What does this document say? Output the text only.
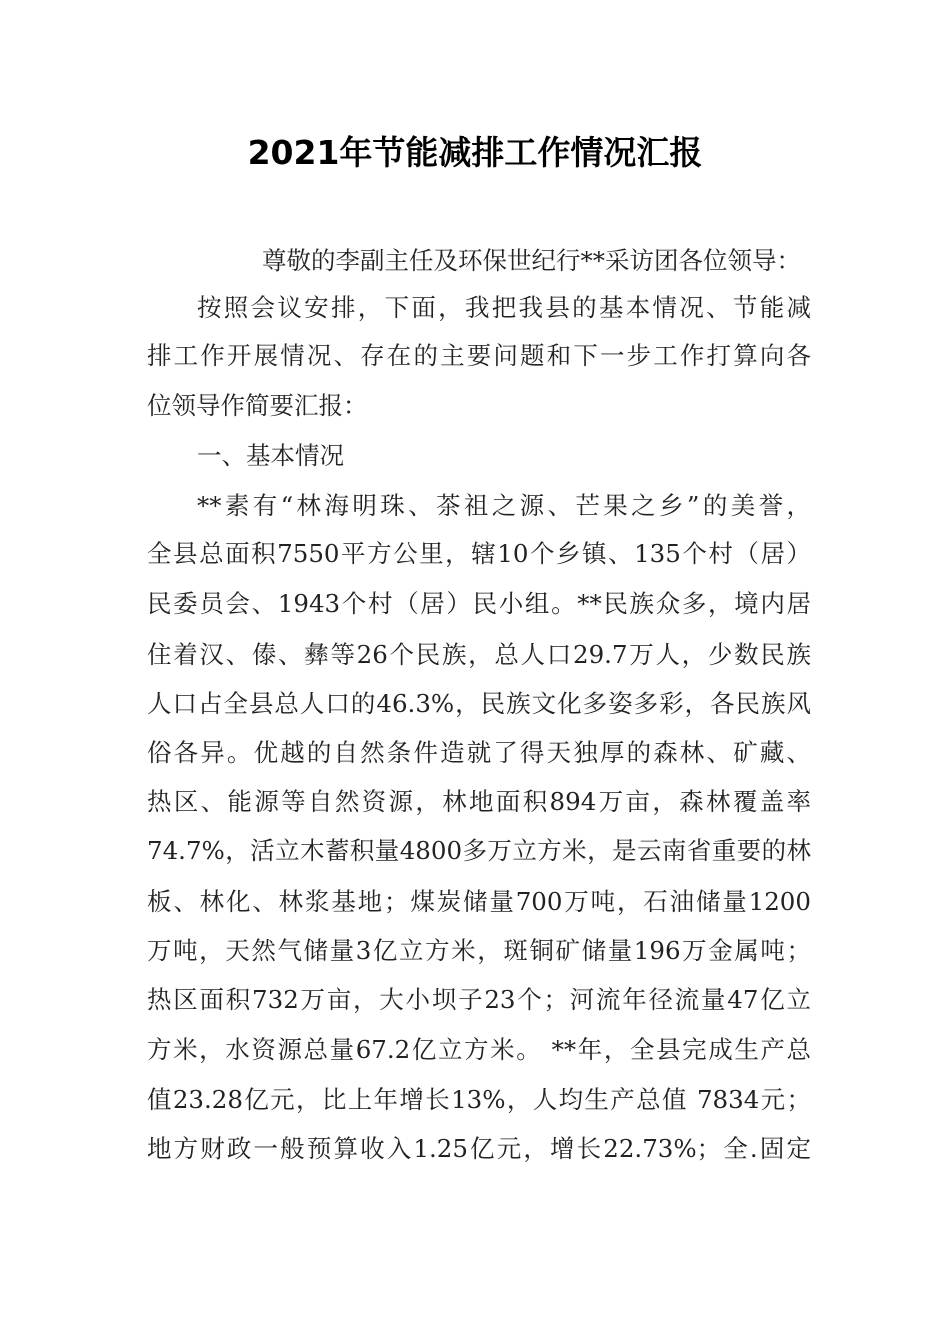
2021年节能减排工作情况汇报

尊敬的李副主任及环保世纪行**采访团各位领导：

按照会议安排，下面，我把我县的基本情况、节能减

排工作开展情况、存在的主要问题和下一步工作打算向各

位领导作简要汇报：

一、基本情况

**素有“林海明珠、茶祖之源、芒果之乡”的美誉，

全县总面积7550平方公里，辖10个乡镇、135个村（居）

民委员会、1943个村（居）民小组。**民族众多，境内居

住着汉、傣、彝等26个民族，总人口29.7万人，少数民族

人口占全县总人口的46.3%，民族文化多姿多彩，各民族风

俗各异。优越的自然条件造就了得天独厚的森林、矿藏、

热区、能源等自然资源，林地面积894万亩，森林覆盖率

74.7%，活立木蓄积量4800多万立方米，是云南省重要的林

板、林化、林浆基地；煤炭储量700万吨，石油储量1200

万吨，天然气储量3亿立方米，斑铜矿储量196万金属吨；

热区面积732万亩，大小坝子23个；河流年径流量47亿立

方米，水资源总量67.2亿立方米。 **年，全县完成生产总

值23.28亿元，比上年增长13%，人均生产总值 7834元；

地方财政一般预算收入1.25亿元，增长22.73%；全.固定
